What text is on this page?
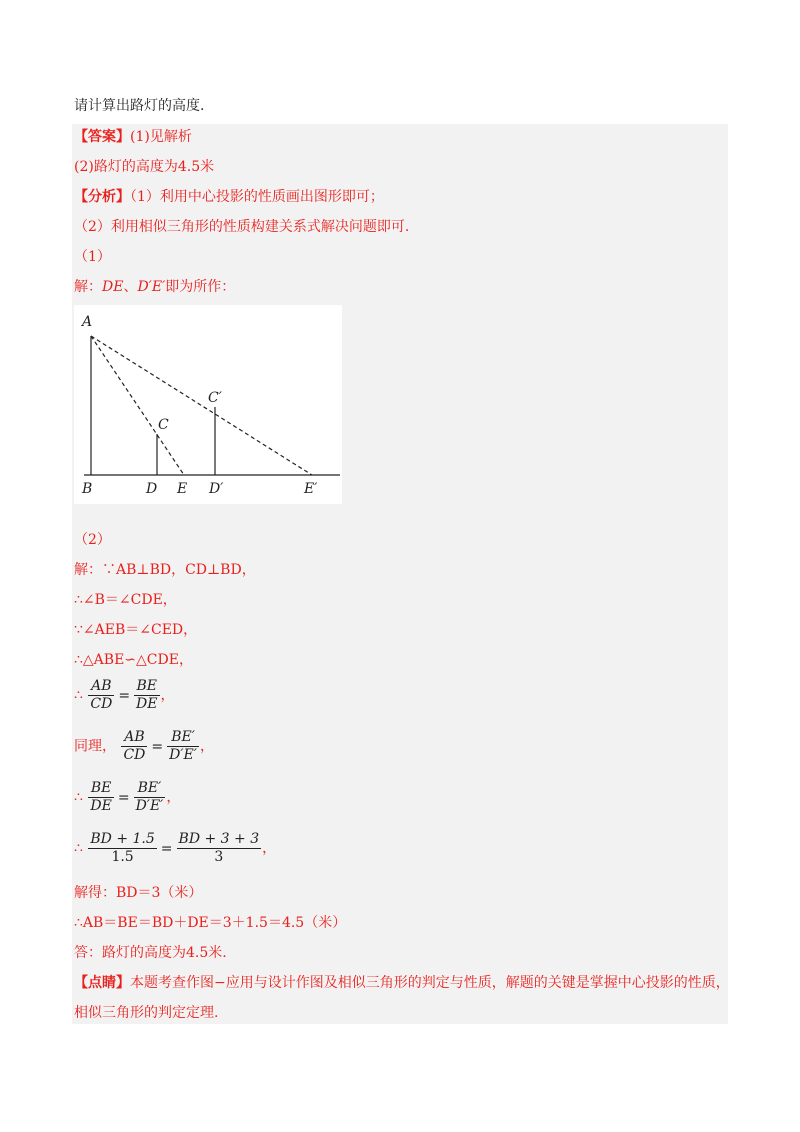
请计算出路灯的高度.
【答案】(1)见解析
(2)路灯的高度为4.5米
【分析】（1）利用中心投影的性质画出图形即可；
（2）利用相似三角形的性质构建关系式解决问题即可.
（1）
解：DE、D′E′即为所作：
A
B
C
D E
C′
D′	E′
（2）
解：∵AB⊥BD，CD⊥BD，
∴∠B＝∠CDE，
∵∠AEB＝∠CED，
∴△ABE∽△CDE，
∴ $\frac{AB}{CD} = \frac{BE}{DE}$ ，
同理， $\frac{AB}{CD} = \frac{BE'}{D'E'}$ ，
∴ $\frac{BE}{DE} = \frac{BE'}{D'E'}$ ，
∴ $\frac{BD + 1.5}{1.5} = \frac{BD + 3 + 3}{3}$ ，
解得：BD＝3（米）
∴AB＝BE＝BD＋DE＝3＋1.5＝4.5（米）
答：路灯的高度为4.5米.
【点睛】本题考查作图−应用与设计作图及相似三角形的判定与性质，解题的关键是掌握中心投影的性质，
相似三角形的判定定理.
